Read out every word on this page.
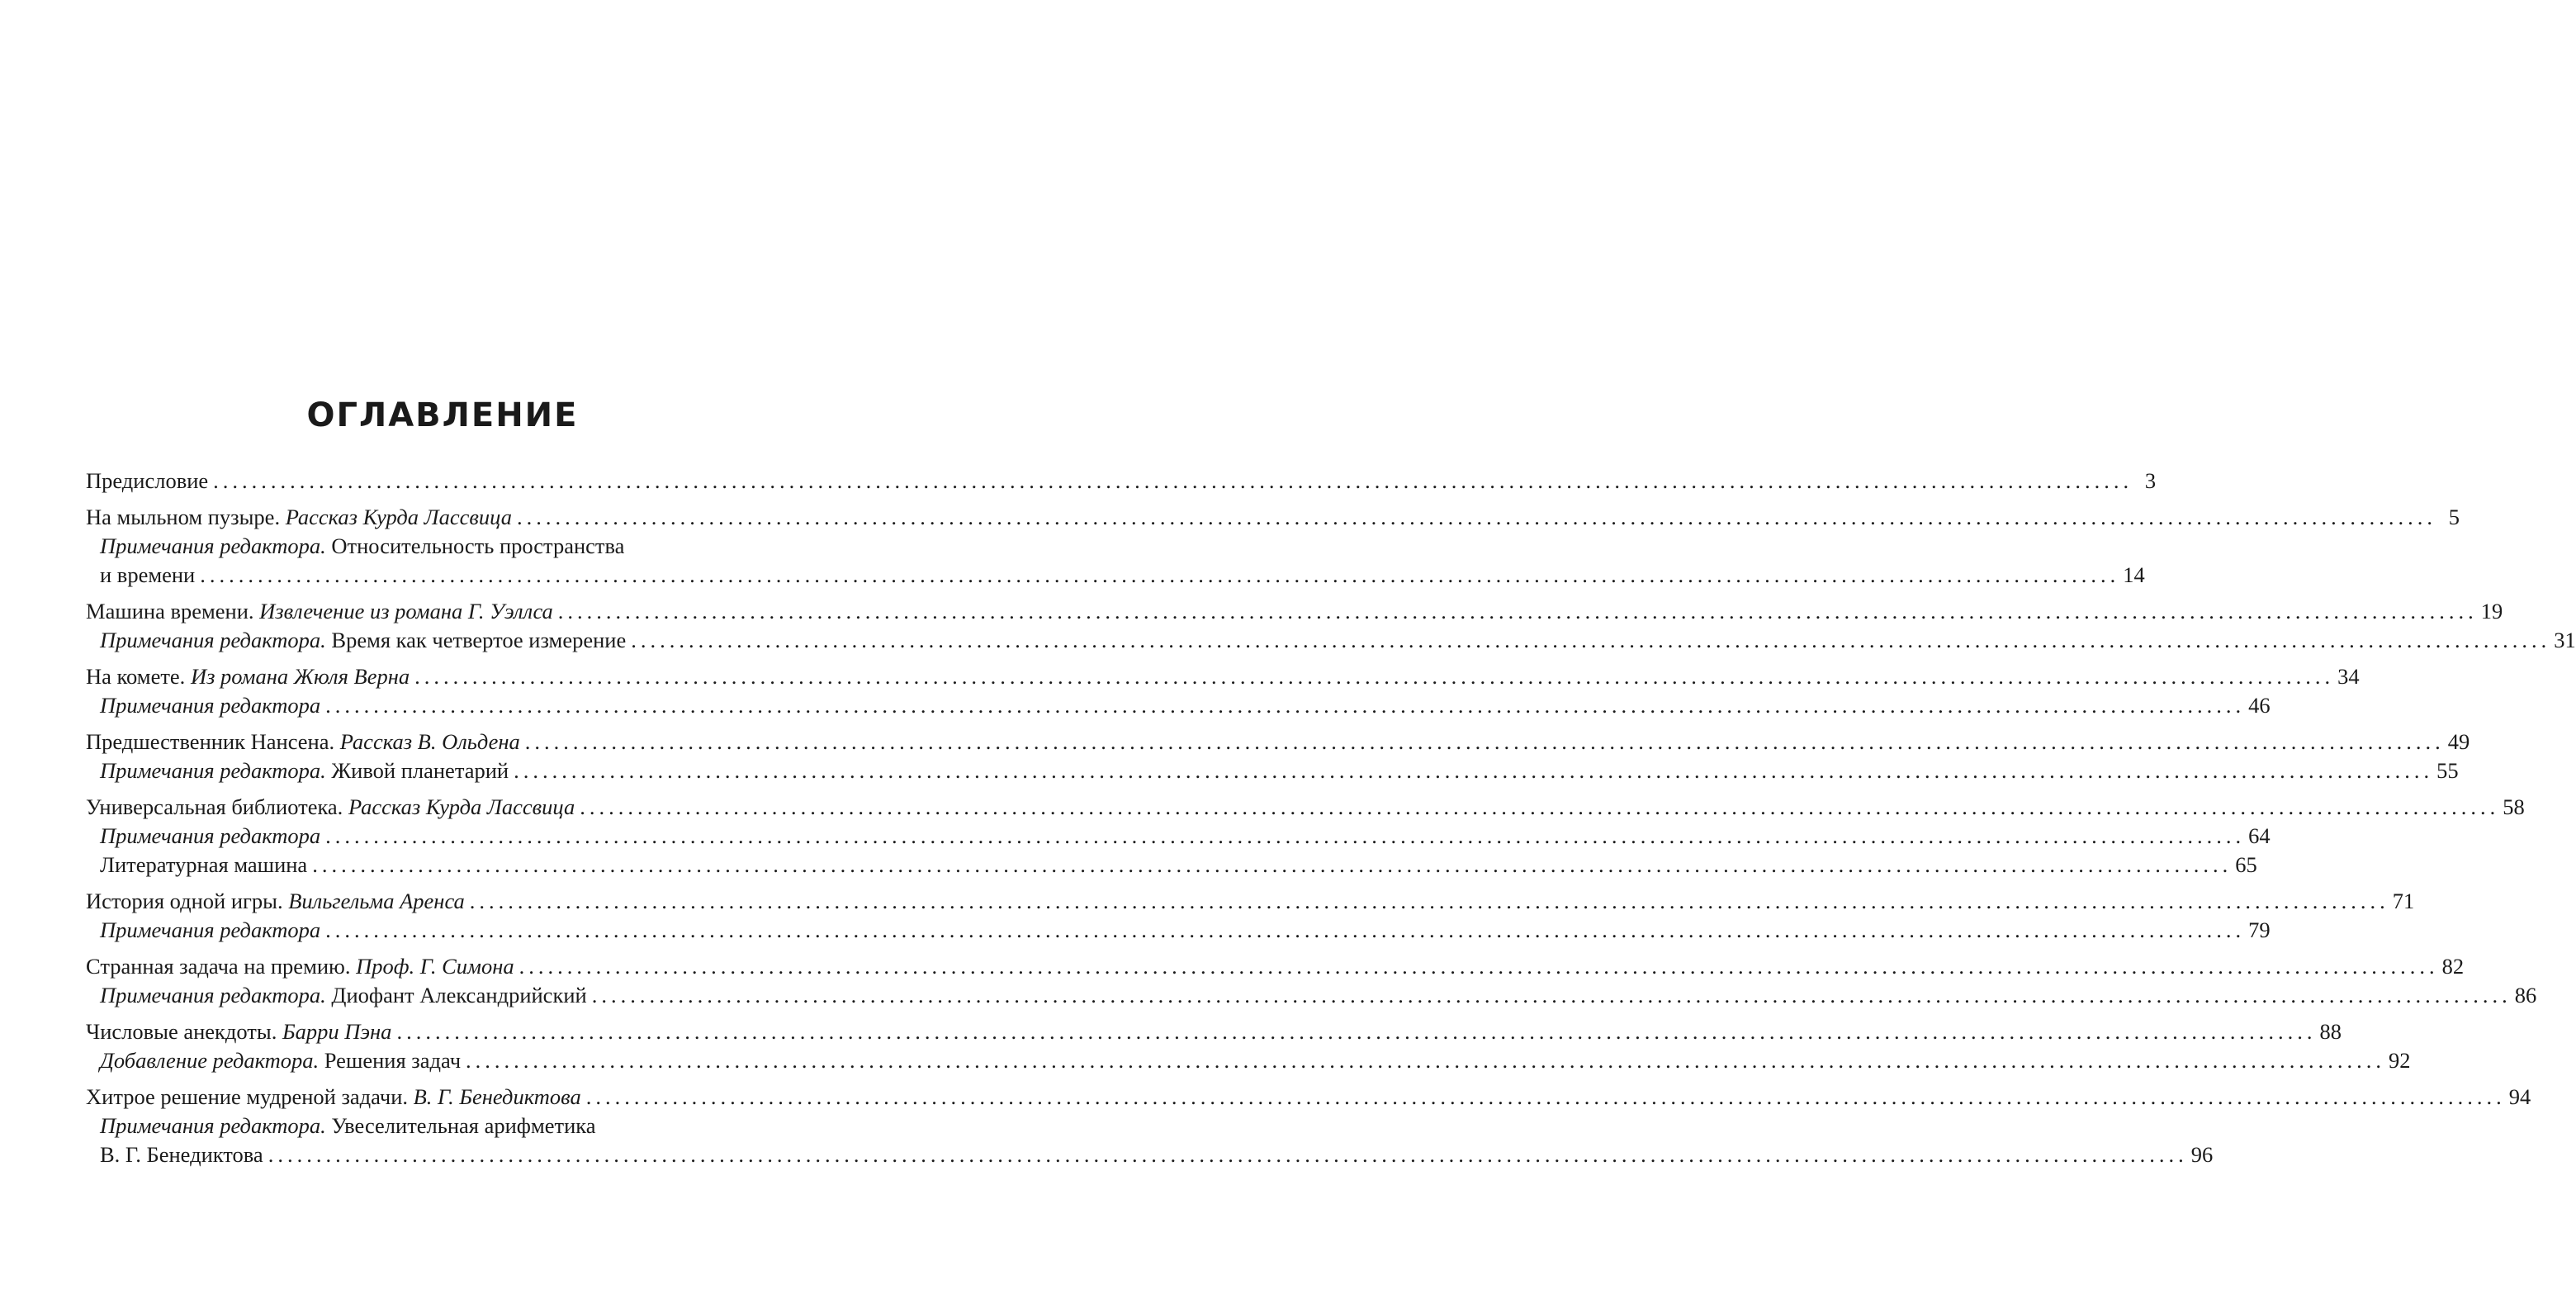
ОГЛАВЛЕНИЕ
Предисловие ........................................................................................................................................................................................................ 3
На мыльном пузыре. Рассказ Курда Лассвица ........................................................................................................................................................................................................ 5
Примечания редактора. Относительность пространства
и времени ........................................................................................................................................................................................................ 14
Машина времени. Извлечение из романа Г. Уэллса ........................................................................................................................................................................................................ 19
Примечания редактора. Время как четвертое измерение ........................................................................................................................................................................................................ 31
На комете. Из романа Жюля Верна ........................................................................................................................................................................................................ 34
Примечания редактора ........................................................................................................................................................................................................ 46
Предшественник Нансена. Рассказ В. Ольдена ........................................................................................................................................................................................................ 49
Примечания редактора. Живой планетарий ........................................................................................................................................................................................................ 55
Универсальная библиотека. Рассказ Курда Лассвица ........................................................................................................................................................................................................ 58
Примечания редактора ........................................................................................................................................................................................................ 64
Литературная машина ........................................................................................................................................................................................................ 65
История одной игры. Вильгельма Аренса ........................................................................................................................................................................................................ 71
Примечания редактора ........................................................................................................................................................................................................ 79
Странная задача на премию. Проф. Г. Симона ........................................................................................................................................................................................................ 82
Примечания редактора. Диофант Александрийский ........................................................................................................................................................................................................ 86
Числовые анекдоты. Барри Пэна ........................................................................................................................................................................................................ 88
Добавление редактора. Решения задач ........................................................................................................................................................................................................ 92
Хитрое решение мудреной задачи. В. Г. Бенедиктова ........................................................................................................................................................................................................ 94
Примечания редактора. Увеселительная арифметика
В. Г. Бенедиктова ........................................................................................................................................................................................................ 96
